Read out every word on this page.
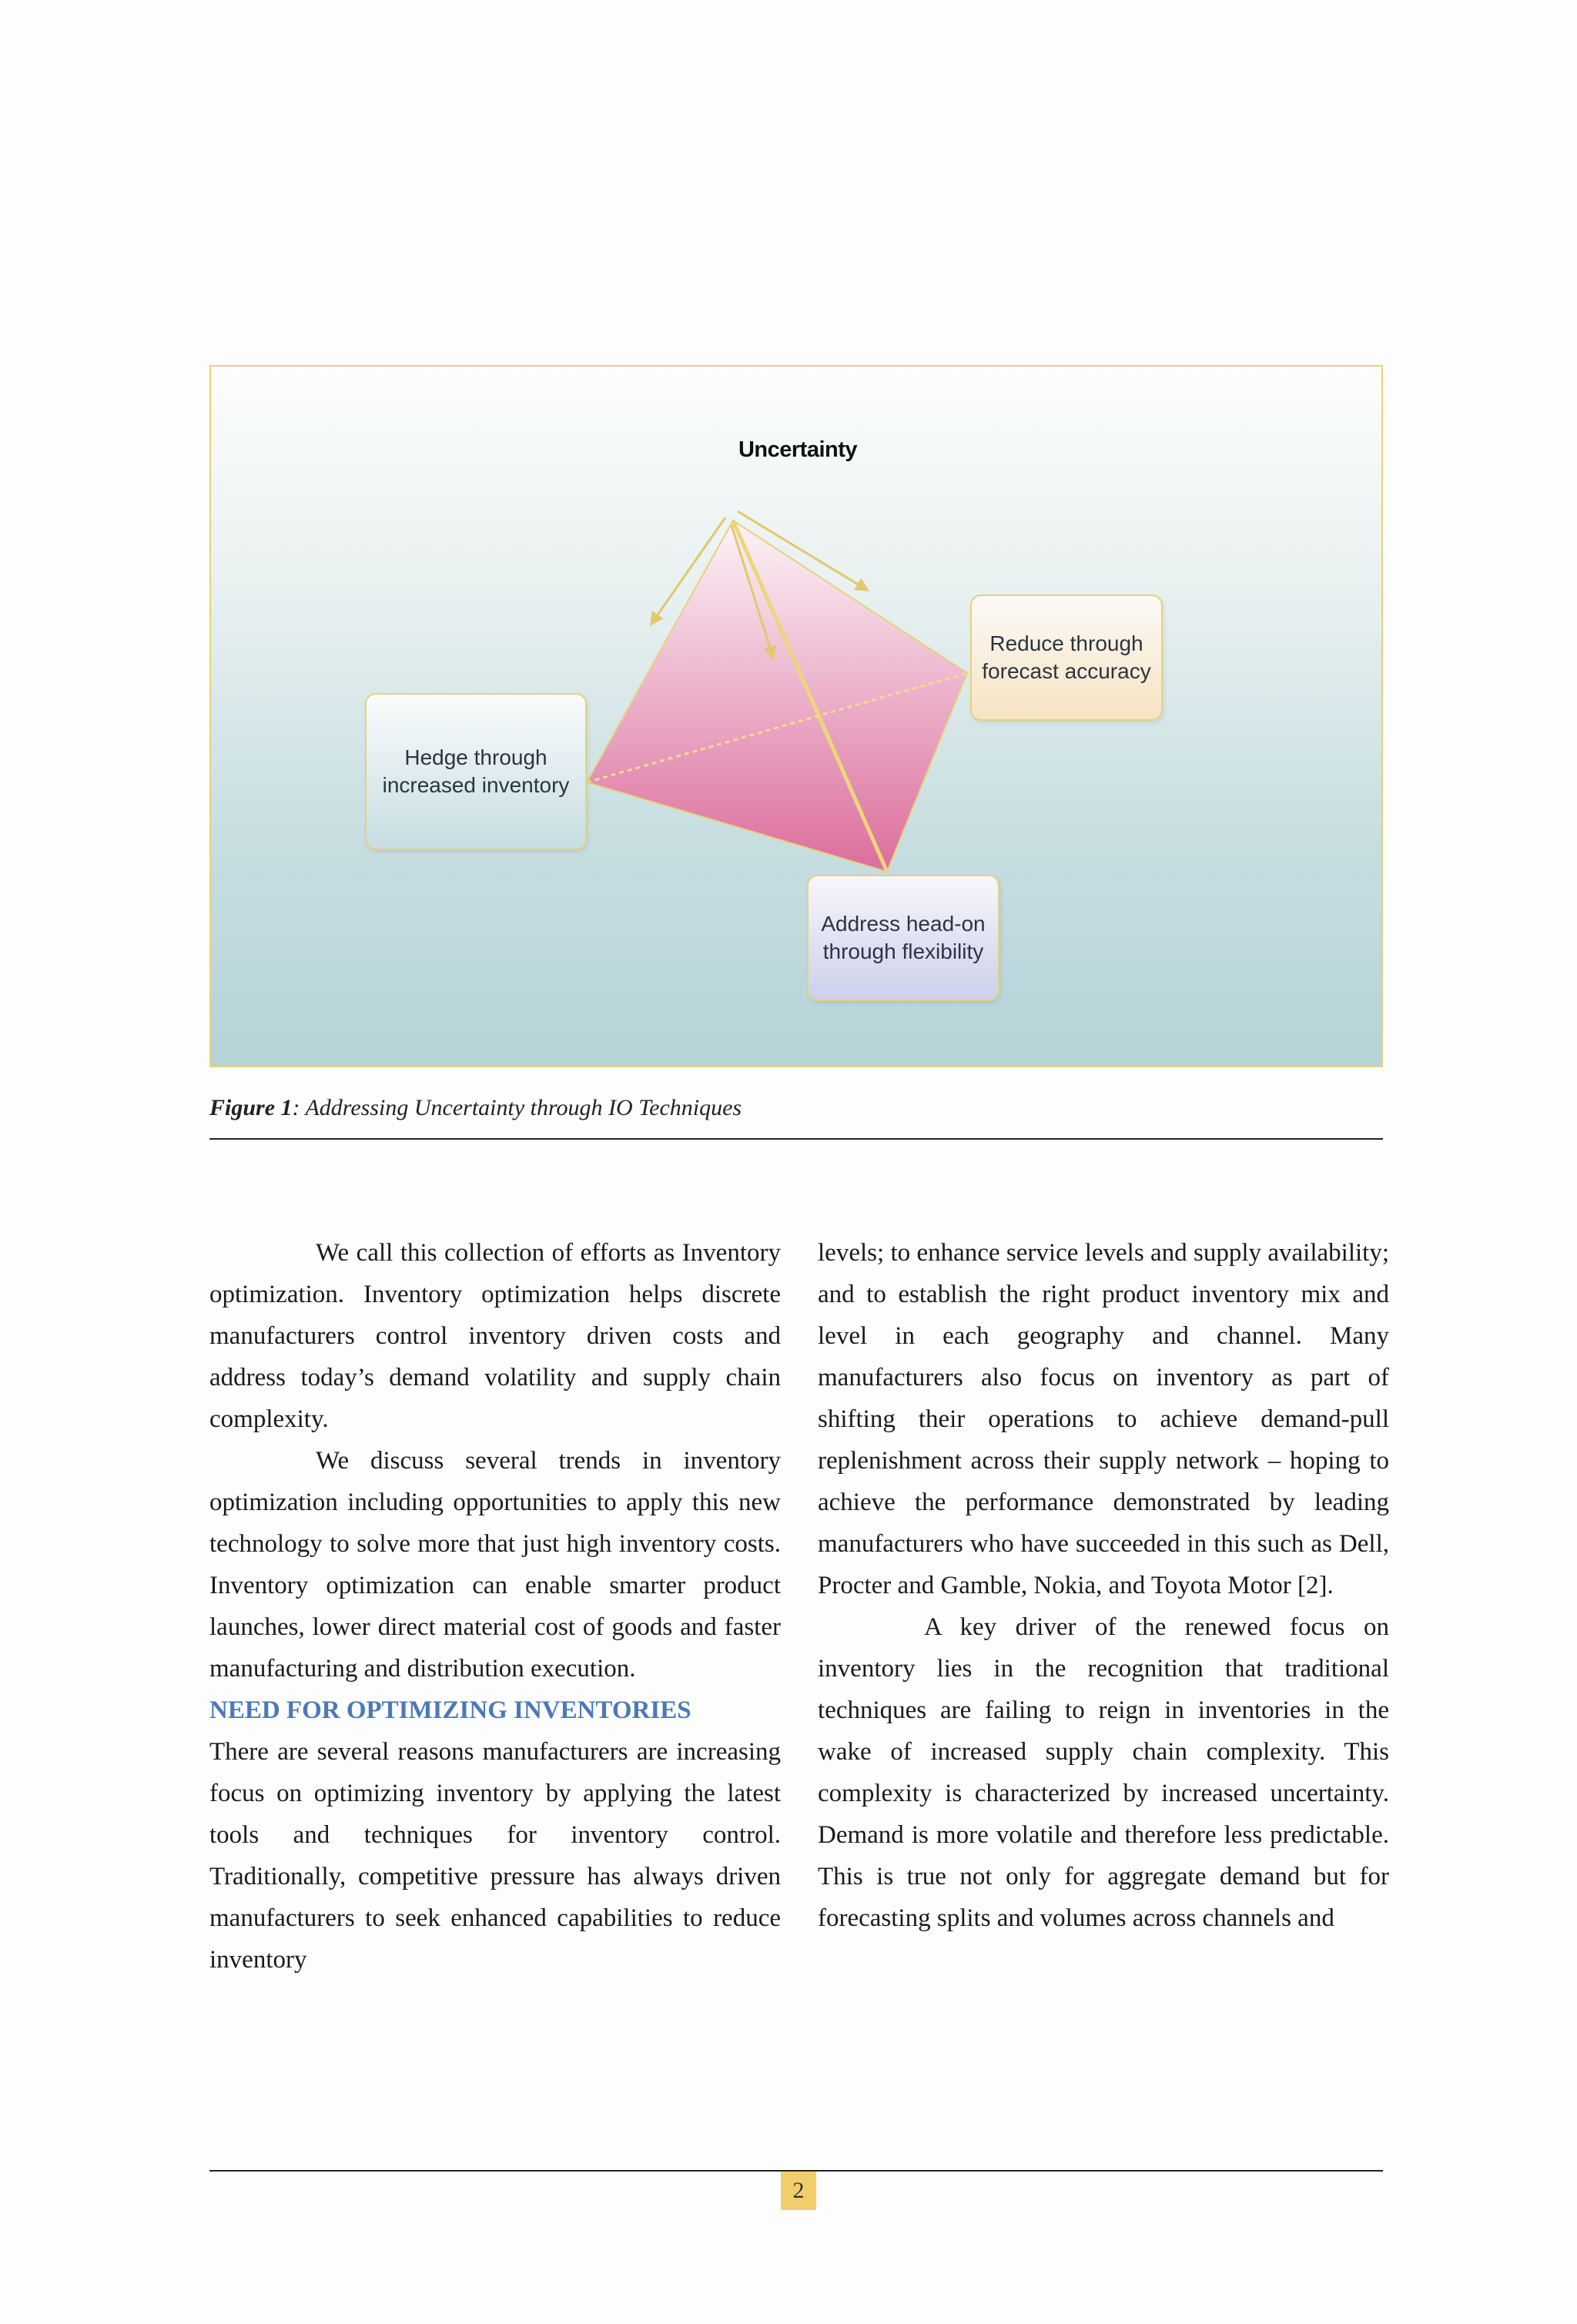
Uncertainty
Hedge through increased inventory
Reduce through forecast accuracy
Address head-on through flexibility
Figure 1: Addressing Uncertainty through IO Techniques

We call this collection of efforts as Inventory optimization. Inventory optimization helps discrete manufacturers control inventory driven costs and address today’s demand volatility and supply chain complexity.

We discuss several trends in inventory optimization including opportunities to apply this new technology to solve more that just high inventory costs. Inventory optimization can enable smarter product launches, lower direct material cost of goods and faster manufacturing and distribution execution.

NEED FOR OPTIMIZING INVENTORIES

There are several reasons manufacturers are increasing focus on optimizing inventory by applying the latest tools and techniques for inventory control. Traditionally, competitive pressure has always driven manufacturers to seek enhanced capabilities to reduce inventory

levels; to enhance service levels and supply availability; and to establish the right product inventory mix and level in each geography and channel. Many manufacturers also focus on inventory as part of shifting their operations to achieve demand-pull replenishment across their supply network – hoping to achieve the performance demonstrated by leading manufacturers who have succeeded in this such as Dell, Procter and Gamble, Nokia, and Toyota Motor [2].

A key driver of the renewed focus on inventory lies in the recognition that traditional techniques are failing to reign in inventories in the wake of increased supply chain complexity. This complexity is characterized by increased uncertainty. Demand is more volatile and therefore less predictable. This is true not only for aggregate demand but for forecasting splits and volumes across channels and

2
